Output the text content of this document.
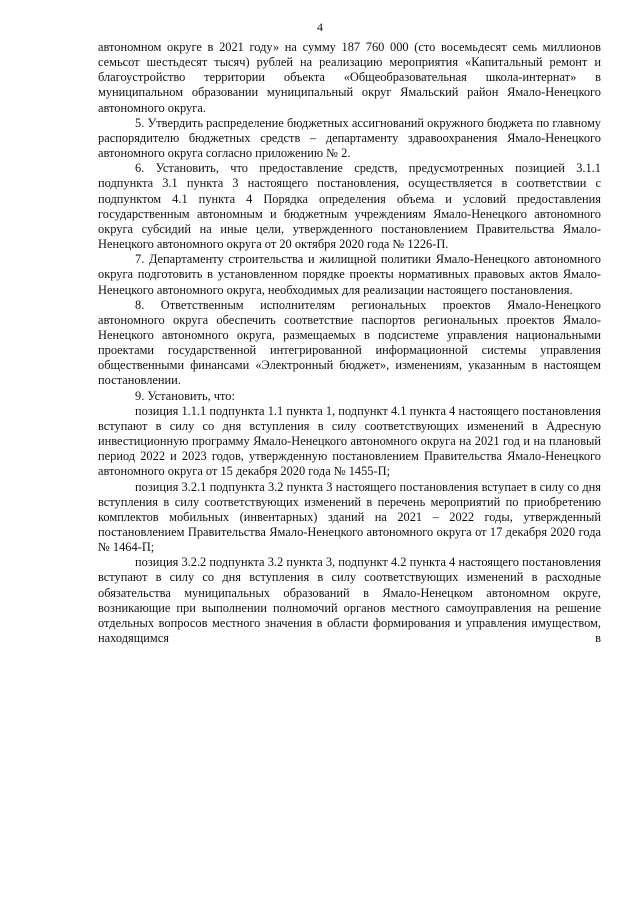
4

автономном округе в 2021 году» на сумму 187 760 000 (сто восемьдесят семь миллионов семьсот шестьдесят тысяч) рублей на реализацию мероприятия «Капитальный ремонт и благоустройство территории объекта «Общеобразовательная школа-интернат» в муниципальном образовании муниципальный округ Ямальский район Ямало-Ненецкого автономного округа.

5. Утвердить распределение бюджетных ассигнований окружного бюджета по главному распорядителю бюджетных средств – департаменту здравоохранения Ямало-Ненецкого автономного округа согласно приложению № 2.

6. Установить, что предоставление средств, предусмотренных позицией 3.1.1 подпункта 3.1 пункта 3 настоящего постановления, осуществляется в соответствии с подпунктом 4.1 пункта 4 Порядка определения объема и условий предоставления государственным автономным и бюджетным учреждениям Ямало-Ненецкого автономного округа субсидий на иные цели, утвержденного постановлением Правительства Ямало-Ненецкого автономного округа от 20 октября 2020 года № 1226-П.

7. Департаменту строительства и жилищной политики Ямало-Ненецкого автономного округа подготовить в установленном порядке проекты нормативных правовых актов Ямало-Ненецкого автономного округа, необходимых для реализации настоящего постановления.

8. Ответственным исполнителям региональных проектов Ямало-Ненецкого автономного округа обеспечить соответствие паспортов региональных проектов Ямало-Ненецкого автономного округа, размещаемых в подсистеме управления национальными проектами государственной интегрированной информационной системы управления общественными финансами «Электронный бюджет», изменениям, указанным в настоящем постановлении.

9. Установить, что:

позиция 1.1.1 подпункта 1.1 пункта 1, подпункт 4.1 пункта 4 настоящего постановления вступают в силу со дня вступления в силу соответствующих изменений в Адресную инвестиционную программу Ямало-Ненецкого автономного округа на 2021 год и на плановый период 2022 и 2023 годов, утвержденную постановлением Правительства Ямало-Ненецкого автономного округа от 15 декабря 2020 года № 1455-П;

позиция 3.2.1 подпункта 3.2 пункта 3 настоящего постановления вступает в силу со дня вступления в силу соответствующих изменений в перечень мероприятий по приобретению комплектов мобильных (инвентарных) зданий на 2021 – 2022 годы, утвержденный постановлением Правительства Ямало-Ненецкого автономного округа от 17 декабря 2020 года № 1464-П;

позиция 3.2.2 подпункта 3.2 пункта 3, подпункт 4.2 пункта 4 настоящего постановления вступают в силу со дня вступления в силу соответствующих изменений в расходные обязательства муниципальных образований в Ямало-Ненецком автономном округе, возникающие при выполнении полномочий органов местного самоуправления на решение отдельных вопросов местного значения в области формирования и управления имуществом, находящимся в
